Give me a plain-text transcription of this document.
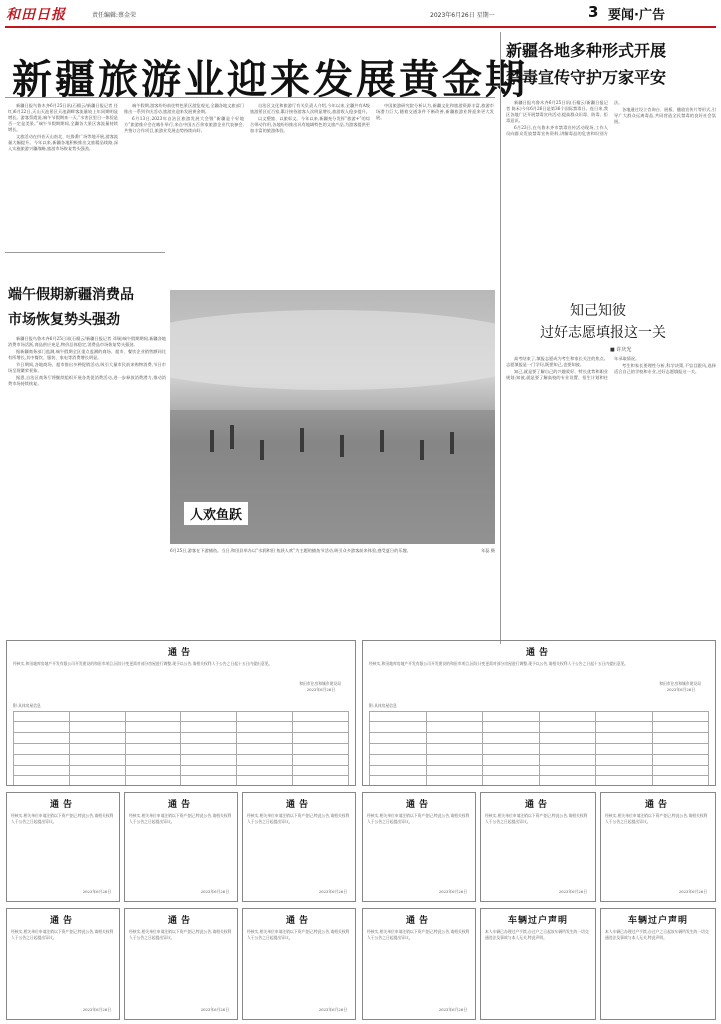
和田日报	责任编辑:蔡金荣	2023年6月26日 星期一	3 要闻·广告
新疆旅游业迎来发展黄金期
新疆各地多种形式开展
禁毒宣传守护万家平安

新疆日报鸟鲁木齐6月25日讯(石榴云/新疆日报记者 任红)6月22日,天山天池景区天池湖畔客流量较上年同期明显增长。游客蔡霞说,端午节假期来一天,“水害区里日一体验是否一定是美景。”端午节假期期间,全疆各大景区客流量持续增长。

文旅活动在抖音天山南北、吐鲁番广场等地开展,游客流量大幅提升。今年以来,新疆各地积极推出文旅精品线路,深入实施旅游兴疆战略,旅游市场恢复势头强劲。

端午假期,游客纷纷前往特色景区游览观光,全疆各地文旅部门推出一系列节庆活动,旅游业迎来发展黄金期。

6月13日,2023年自治区旅游发展大会暨“新疆是个好地方”旅游推介会在喀什举行,来自中国五百余家旅游企业代表参会,共签订合作项目,旅游业发展态势持续向好。

自治区文化和旅游厅有关负责人介绍,今年以来,全疆共有A级旅游景区近百家,累计接待游客人次明显增长,旅游收入稳步提升。

以文塑旅、以旅彰文。今年以来,新疆充分发挥“旅游+”的综合带动作用,各地纷纷推出具有地域特色的文旅产品,为游客提供更加丰富的旅游体验。

中国旅游研究院分析认为,新疆文化和旅游资源丰富,旅游市场潜力巨大,随着交通条件不断改善,新疆旅游业将迎来更大发展。

新疆日报鸟鲁木齐6月25日讯(石榴云/新疆日报记者 陈禾)今年6月26日是第36个国际禁毒日。连日来,我区各地广泛开展禁毒宣传活动,提高群众识毒、防毒、拒毒意识。

6月23日,在乌鲁木齐市禁毒宣传活动现场,工作人员向群众发放禁毒宣传资料,讲解毒品的危害和识别方法。

各地通过设立咨询台、展板、播放宣传片等形式,引导广大群众远离毒品,共同营造全民禁毒的良好社会氛围。

端午假期新疆消费品
市场恢复势头强劲

新疆日报鸟鲁木齐6月25日讯(石榴云/新疆日报记者 邓瑞)端午假期期间,新疆各地消费市场活跃,商品供应充足,物价总体稳定,消费品市场恢复势头强劲。

据新疆商务部门监测,端午假期全区重点监测的商场、超市、餐饮企业销售额同比有所增长,其中餐饮、服装、家电等消费增长明显。

节日期间,各地商场、超市推出多种促销活动,吸引大量市民前来购物消费,节日市场呈现繁荣景象。

据悉,自治区商务厅将继续组织开展各类促消费活动,进一步释放消费潜力,推动消费市场持续恢复。

人欢鱼跃
6月25日,游客在下游捕鱼。当日,和田县举办以“水润和田 鱼跃人欢”为主题的捕鱼节活动,吸引众多游客前来体验,感受夏日的乐趣。	年蕊 摄
知己知彼
过好志愿填报这一关
■ 许庆光

高考结束了,填报志愿成为考生和家长关注的焦点。志愿填报是一门学问,既要知己,也要知彼。

知己,就是要了解自己的兴趣爱好、特长优势和职业规划;知彼,就是要了解高校的专业设置、招生计划和往年录取情况。

考生和家长要理性分析,科学决策,不盲目跟风,选择适合自己的学校和专业,过好志愿填报这一关。

通告
经核实,和田地库房地产开发有限公司开发建设的和田市项目,因设计变更需对部分房屋进行调整,现予以公告,请相关权利人于公告之日起十五日内提出意见。
和田市住房和城乡建设局
2023年6月26日
附:具体房屋信息

通告
经核实,和田地库房地产开发有限公司开发建设的和田市项目,因设计变更需对部分房屋进行调整,现予以公告,请相关权利人于公告之日起十五日内提出意见。
和田市住房和城乡建设局
2023年6月26日
附:具体房屋信息

通告
经核实,相关单位申请注销以下资产登记,特此公告,请相关权利人于公告之日起提出异议。
2023年6月26日
通告
经核实,相关单位申请注销以下资产登记,特此公告,请相关权利人于公告之日起提出异议。
2023年6月26日
通告
经核实,相关单位申请注销以下资产登记,特此公告,请相关权利人于公告之日起提出异议。
2023年6月26日
通告
经核实,相关单位申请注销以下资产登记,特此公告,请相关权利人于公告之日起提出异议。
2023年6月26日
通告
经核实,相关单位申请注销以下资产登记,特此公告,请相关权利人于公告之日起提出异议。
2023年6月26日
通告
经核实,相关单位申请注销以下资产登记,特此公告,请相关权利人于公告之日起提出异议。
2023年6月26日
通告
经核实,相关单位申请注销以下资产登记,特此公告,请相关权利人于公告之日起提出异议。
2023年6月26日
通告
经核实,相关单位申请注销以下资产登记,特此公告,请相关权利人于公告之日起提出异议。
2023年6月26日
通告
经核实,相关单位申请注销以下资产登记,特此公告,请相关权利人于公告之日起提出异议。
2023年6月26日
通告
经核实,相关单位申请注销以下资产登记,特此公告,请相关权利人于公告之日起提出异议。
2023年6月26日
车辆过户声明
本人车辆已办理过户手续,自过户之日起该车辆所发生的一切交通违法及事故与本人无关,特此声明。
车辆过户声明
本人车辆已办理过户手续,自过户之日起该车辆所发生的一切交通违法及事故与本人无关,特此声明。
